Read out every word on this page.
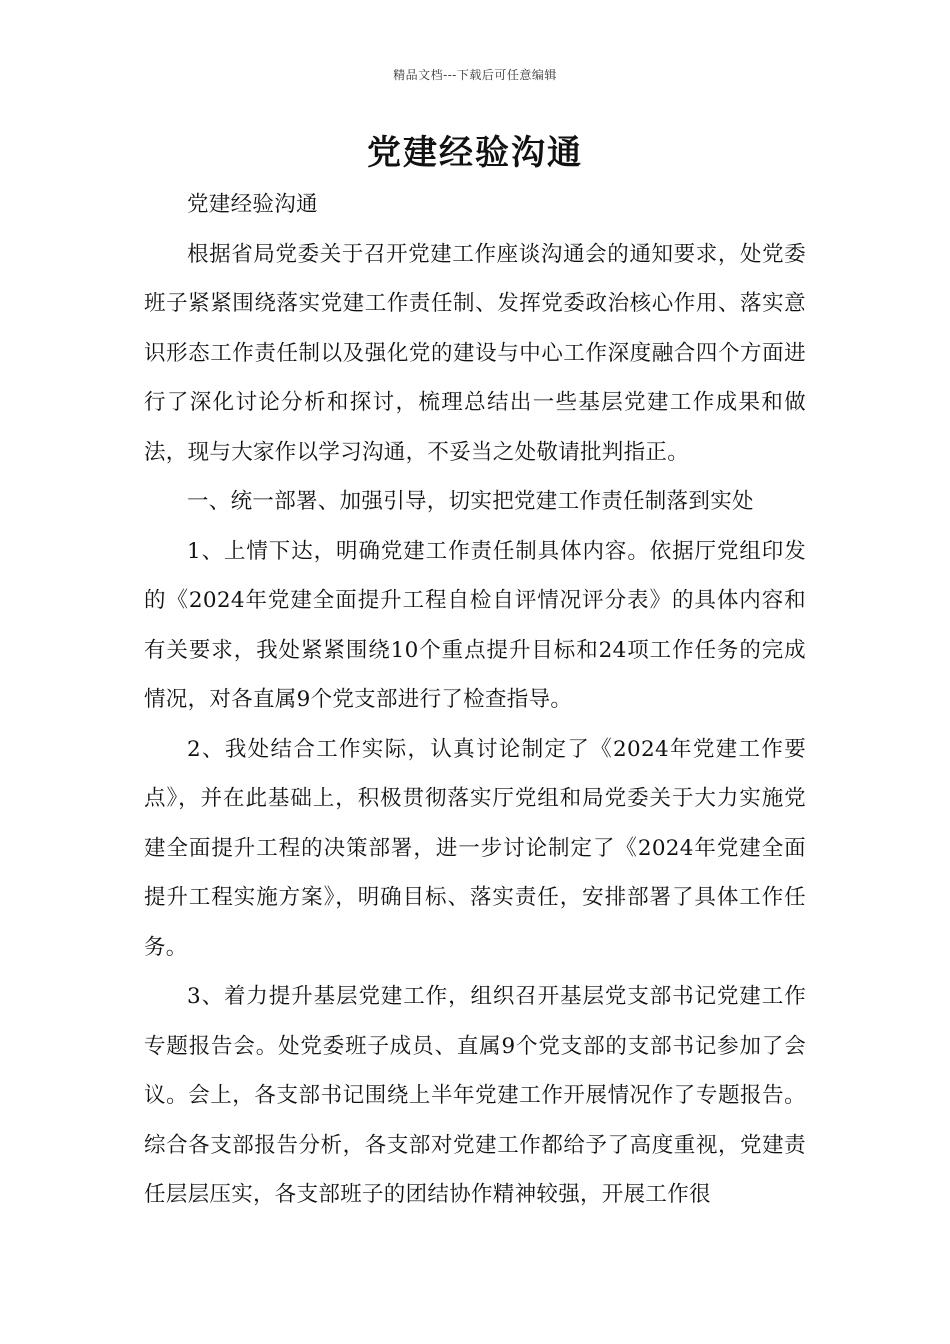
精品文档---下载后可任意编辑
党建经验沟通

党建经验沟通

根据省局党委关于召开党建工作座谈沟通会的通知要求，处党委班子紧紧围绕落实党建工作责任制、发挥党委政治核心作用、落实意识形态工作责任制以及强化党的建设与中心工作深度融合四个方面进行了深化讨论分析和探讨，梳理总结出一些基层党建工作成果和做法，现与大家作以学习沟通，不妥当之处敬请批判指正。

一、统一部署、加强引导，切实把党建工作责任制落到实处

1、上情下达，明确党建工作责任制具体内容。依据厅党组印发的《2024年党建全面提升工程自检自评情况评分表》的具体内容和有关要求，我处紧紧围绕10个重点提升目标和24项工作任务的完成情况，对各直属9个党支部进行了检查指导。

2、我处结合工作实际，认真讨论制定了《2024年党建工作要点》，并在此基础上，积极贯彻落实厅党组和局党委关于大力实施党建全面提升工程的决策部署，进一步讨论制定了《2024年党建全面提升工程实施方案》，明确目标、落实责任，安排部署了具体工作任务。

3、着力提升基层党建工作，组织召开基层党支部书记党建工作专题报告会。处党委班子成员、直属9个党支部的支部书记参加了会议。会上，各支部书记围绕上半年党建工作开展情况作了专题报告。综合各支部报告分析，各支部对党建工作都给予了高度重视，党建责任层层压实，各支部班子的团结协作精神较强，开展工作很
